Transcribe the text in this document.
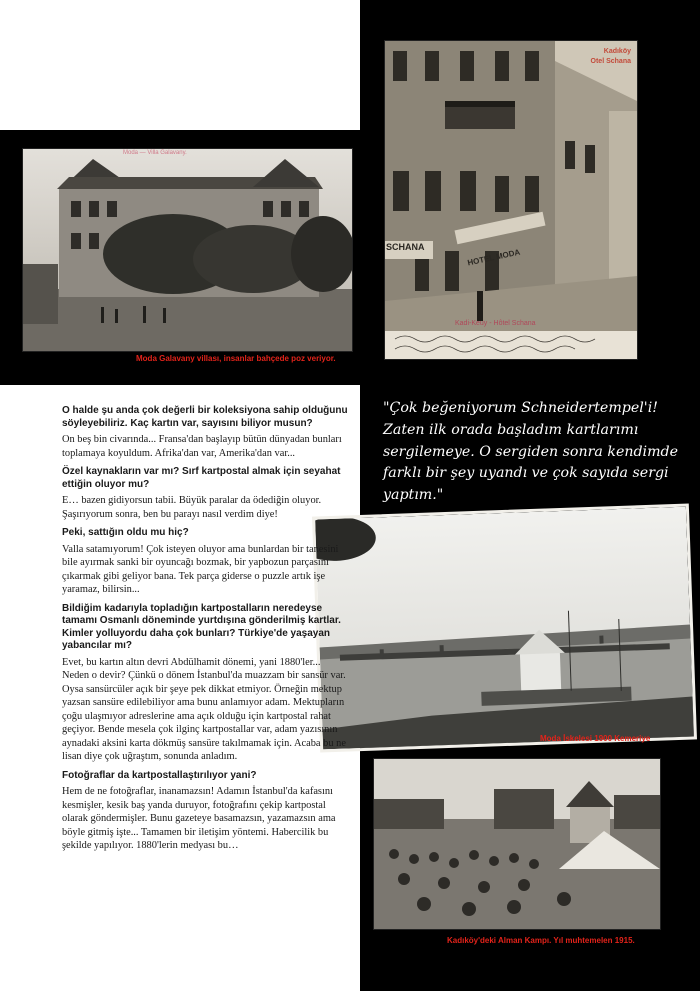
Moda — Villa Galavany.
Kadıköy
Otel Schana
SCHANA
HOTEL MODA
Kadi-Keuy - Hôtel Schana
Moda Galavany villası, insanlar bahçede poz veriyor.
"Çok beğeniyorum Schneidertempel'i! Zaten ilk orada başladım kartlarımı sergilemeye. O sergiden sonra kendimde farklı bir şey uyandı ve çok sayıda sergi yaptım."
Moda İskelesi 1900 Kemeriye
Kadıköy'deki Alman Kampı. Yıl muhtemelen 1915.

O halde şu anda çok değerli bir koleksiyona sahip olduğunu söyleyebiliriz. Kaç kartın var, sayısını biliyor musun?

On beş bin civarında... Fransa'dan başlayıp bütün dünyadan bunları toplamaya koyuldum. Afrika'dan var, Amerika'dan var...

Özel kaynakların var mı? Sırf kartpostal almak için seyahat ettiğin oluyor mu?

E… bazen gidiyorsun tabii. Büyük paralar da ödediğin oluyor. Şaşırıyorum sonra, ben bu parayı nasıl verdim diye!

Peki, sattığın oldu mu hiç?

Valla satamıyorum! Çok isteyen oluyor ama bunlardan bir tanesini bile ayırmak sanki bir oyuncağı bozmak, bir yapbozun parçasını çıkarmak gibi geliyor bana. Tek parça giderse o puzzle artık işe yaramaz, bilirsin...

Bildiğim kadarıyla topladığın kartpostalların neredeyse tamamı Osmanlı döneminde yurtdışına gönderilmiş kartlar. Kimler yolluyordu daha çok bunları? Türkiye'de yaşayan yabancılar mı?

Evet, bu kartın altın devri Abdülhamit dönemi, yani 1880'ler... Neden o devir? Çünkü o dönem İstanbul'da muazzam bir sansür var. Oysa sansürcüler açık bir şeye pek dikkat etmiyor. Örneğin mektup yazsan sansüre edilebiliyor ama bunu anlamıyor adam. Mektupların çoğu ulaşmıyor adreslerine ama açık olduğu için kartpostal rahat geçiyor. Bende mesela çok ilginç kartpostallar var, adam yazısının aynadaki aksini karta dökmüş sansüre takılmamak için. Acaba bu ne lisan diye çok uğraştım, sonunda anladım.

Fotoğraflar da kartpostallaştırılıyor yani?

Hem de ne fotoğraflar, inanamazsın! Adamın İstanbul'da kafasını kesmişler, kesik baş yanda duruyor, fotoğrafını çekip kartpostal olarak göndermişler. Bunu gazeteye basamazsın, yazamazsın ama böyle gitmiş işte... Tamamen bir iletişim yöntemi. Habercilik bu şekilde yapılıyor. 1880'lerin medyası bu…
